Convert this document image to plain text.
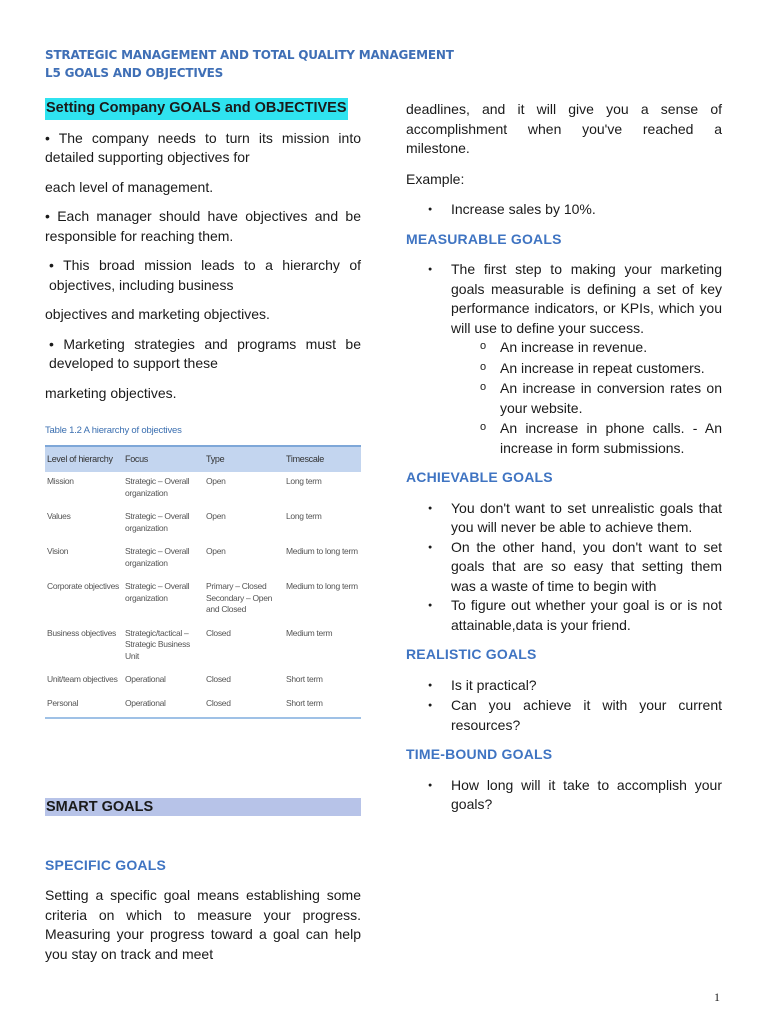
STRATEGIC MANAGEMENT AND TOTAL QUALITY MANAGEMENT
L5 GOALS AND OBJECTIVES
Setting Company GOALS and OBJECTIVES

• The company needs to turn its mission into detailed supporting objectives for

each level of management.

• Each manager should have objectives and be responsible for reaching them.

• This broad mission leads to a hierarchy of objectives, including business

objectives and marketing objectives.

• Marketing strategies and programs must be developed to support these

marketing objectives.

Table 1.2 A hierarchy of objectives
Level of hierarchy	Focus	Type	Timescale
Mission	Strategic – Overall organization	Open	Long term
Values	Strategic – Overall organization	Open	Long term
Vision	Strategic – Overall organization	Open	Medium to long term
Corporate objectives	Strategic – Overall organization	Primary – Closed Secondary – Open and Closed	Medium to long term
Business objectives	Strategic/tactical – Strategic Business Unit	Closed	Medium term
Unit/team objectives	Operational	Closed	Short term
Personal	Operational	Closed	Short term
SMART GOALS
SPECIFIC GOALS

Setting a specific goal means establishing some criteria on which to measure your progress. Measuring your progress toward a goal can help you stay on track and meet

deadlines, and it will give you a sense of accomplishment when you've reached a milestone.

Example:

● Increase sales by 10%.
MEASURABLE GOALS
● The first step to making your marketing goals measurable is defining a set of key performance indicators, or KPIs, which you will use to define your success.
o An increase in revenue.
o An increase in repeat customers.
o An increase in conversion rates on your website.
o An increase in phone calls. - An increase in form submissions.
ACHIEVABLE GOALS
● You don't want to set unrealistic goals that you will never be able to achieve them.
● On the other hand, you don't want to set goals that are so easy that setting them was a waste of time to begin with
● To figure out whether your goal is or is not attainable,data is your friend.
REALISTIC GOALS
● Is it practical?
● Can you achieve it with your current resources?
TIME-BOUND GOALS
● How long will it take to accomplish your goals?
1
